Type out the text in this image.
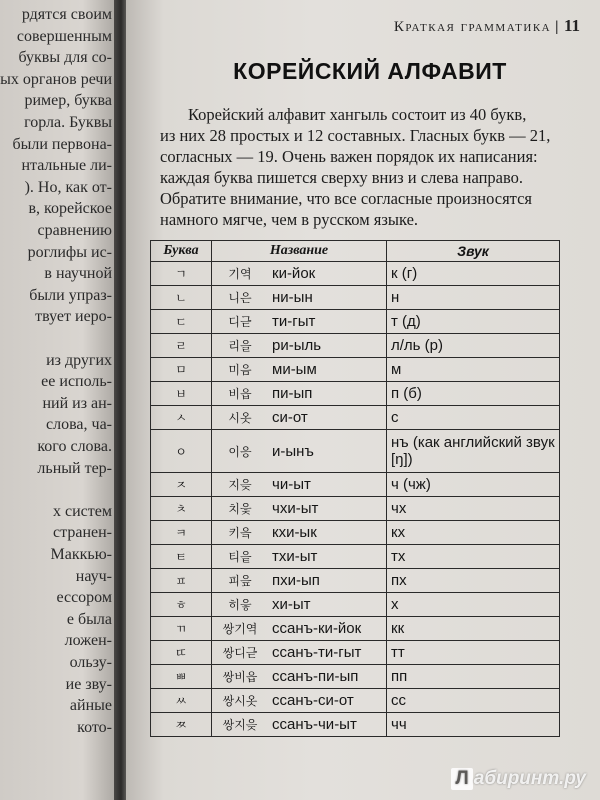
рдятся своим
совершенным
буквы для со-
ых органов речи
ример, буква
горла. Буквы
были первона-
нтальные ли-
). Но, как от-
в, корейское
сравнению
роглифы ис-
в научной
были упраз-
твует иеро-
из других
ее исполь-
ний из ан-
слова, ча-
кого слова.
льный тер-
х систем
странен-
Маккью-
науч-
ессором
е была
ложен-
ользу-
ие зву-
айные
кото-
Краткая грамматика | 11
КОРЕЙСКИЙ АЛФАВИТ
Корейский алфавит хангыль состоит из 40 букв,
из них 28 простых и 12 составных. Гласных букв — 21,
согласных — 19. Очень важен порядок их написания:
каждая буква пишется сверху вниз и слева направо.
Обратите внимание, что все согласные произносятся
намного мягче, чем в русском языке.
Буква	Название		Звук
ㄱ	기역	ки-йок	к (г)
ㄴ	니은	ни-ын	н
ㄷ	디귿	ти-гыт	т (д)
ㄹ	리을	ри-ыль	л/ль (р)
ㅁ	미음	ми-ым	м
ㅂ	비읍	пи-ып	п (б)
ㅅ	시옷	си-от	с
ㅇ	이응	и-ынъ	нъ (как английский звук [ŋ])
ㅈ	지읒	чи-ыт	ч (чж)
ㅊ	치읓	чхи-ыт	чх
ㅋ	키읔	кхи-ык	кх
ㅌ	티읕	тхи-ыт	тх
ㅍ	피읖	пхи-ып	пх
ㅎ	히읗	хи-ыт	х
ㄲ	쌍기역	ссанъ-ки-йок	кк
ㄸ	쌍디귿	ссанъ-ти-гыт	тт
ㅃ	쌍비읍	ссанъ-пи-ып	пп
ㅆ	쌍시옷	ссанъ-си-от	сс
ㅉ	쌍지읒	ссанъ-чи-ыт	чч
Л абиринт.ру
